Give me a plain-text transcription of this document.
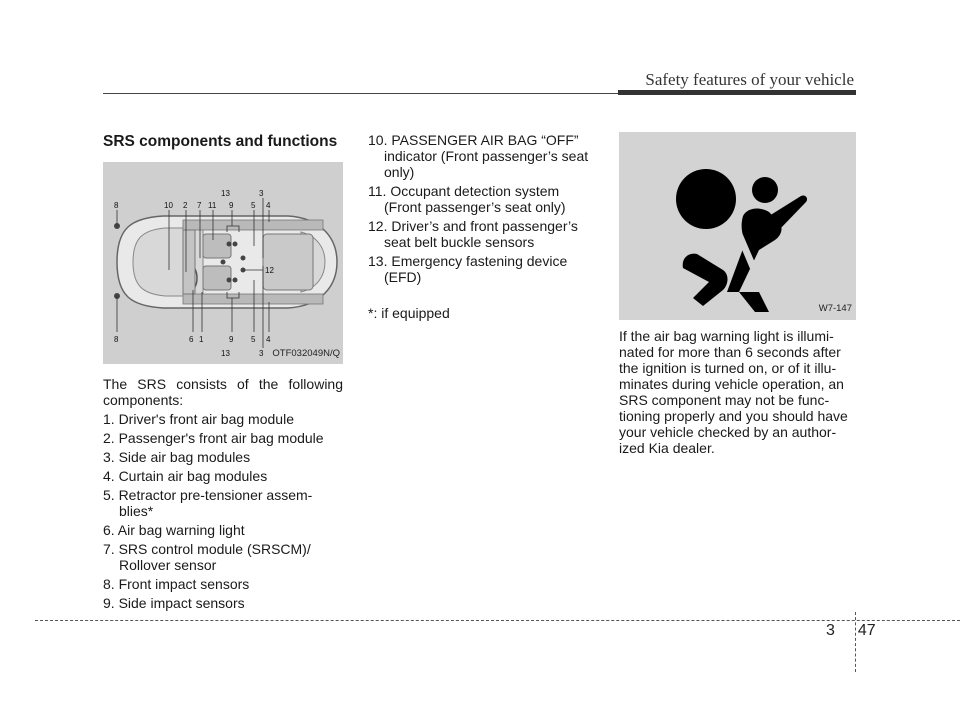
Safety features of your vehicle
SRS components and functions
8	10 2 7 11 9 5 4
13	3
12
8	6 1	9 5 4
13	3 OTF032049N/Q
The SRS consists of the following components:
1. Driver's front air bag module
2. Passenger's front air bag module
3. Side air bag modules
4. Curtain air bag modules
5. Retractor pre-tensioner assem-
blies*
6. Air bag warning light
7. SRS control module (SRSCM)/
Rollover sensor
8. Front impact sensors
9. Side impact sensors
10. PASSENGER AIR BAG “OFF”
indicator (Front passenger’s seat
only)
11. Occupant detection system
(Front passenger’s seat only)
12. Driver’s and front passenger’s
seat belt buckle sensors
13. Emergency fastening device
(EFD)
*: if equipped	W7-147
If the air bag warning light is illumi-
nated for more than 6 seconds after
the ignition is turned on, or of it illu-
minates during vehicle operation, an
SRS component may not be func-
tioning properly and you should have
your vehicle checked by an author-
ized Kia dealer.
3 47
